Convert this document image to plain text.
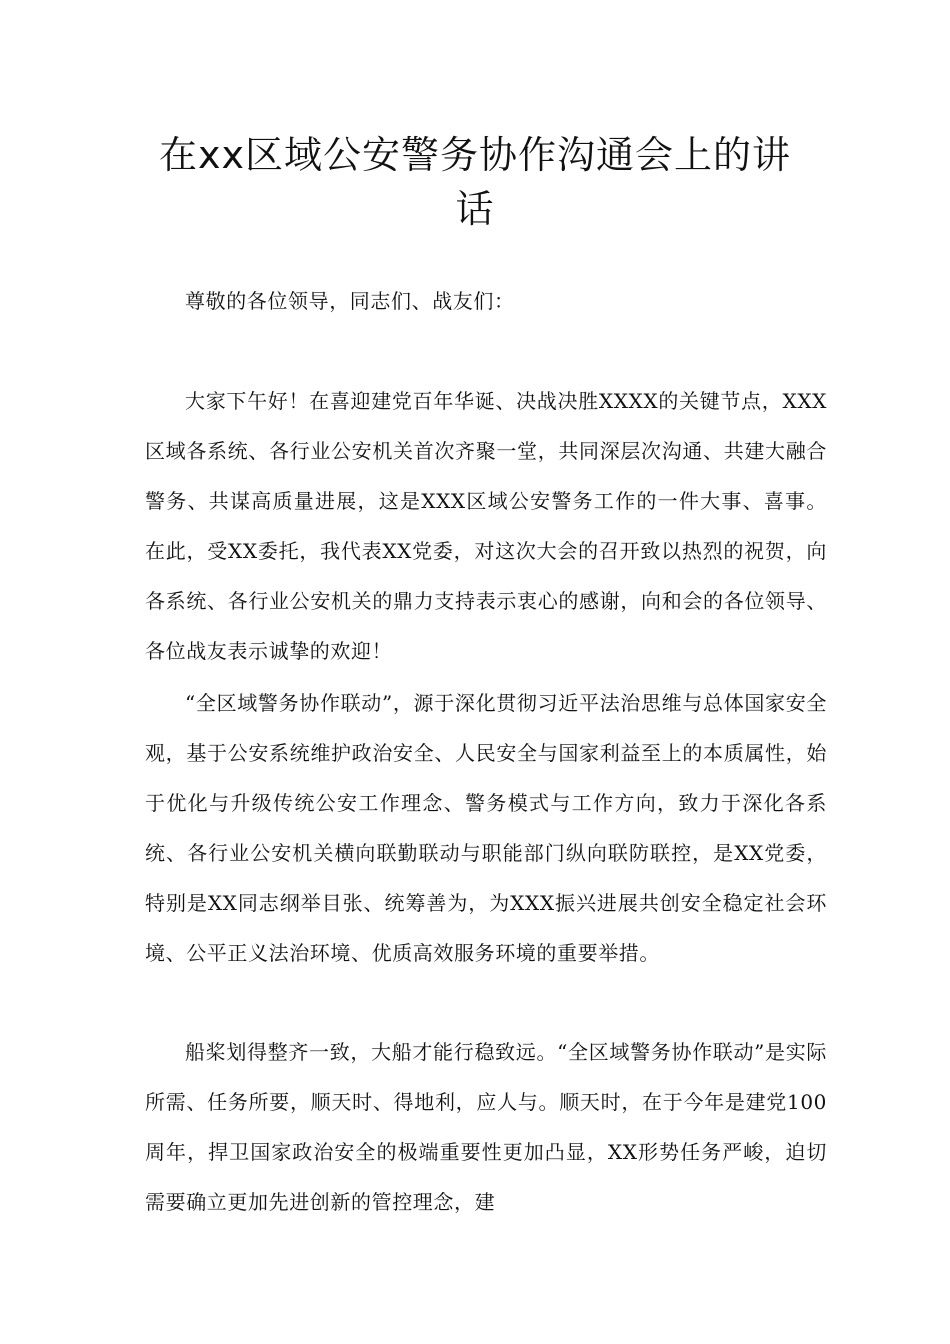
在xx区域公安警务协作沟通会上的讲话

尊敬的各位领导，同志们、战友们：

大家下午好！在喜迎建党百年华诞、决战决胜XXXX的关键节点，XXX区域各系统、各行业公安机关首次齐聚一堂，共同深层次沟通、共建大融合警务、共谋高质量进展，这是XXX区域公安警务工作的一件大事、喜事。在此，受XX委托，我代表XX党委，对这次大会的召开致以热烈的祝贺，向各系统、各行业公安机关的鼎力支持表示衷心的感谢，向和会的各位领导、各位战友表示诚挚的欢迎！

“全区域警务协作联动”，源于深化贯彻习近平法治思维与总体国家安全观，基于公安系统维护政治安全、人民安全与国家利益至上的本质属性，始于优化与升级传统公安工作理念、警务模式与工作方向，致力于深化各系统、各行业公安机关横向联勤联动与职能部门纵向联防联控，是XX党委，特别是XX同志纲举目张、统筹善为，为XXX振兴进展共创安全稳定社会环境、公平正义法治环境、优质高效服务环境的重要举措。

船桨划得整齐一致，大船才能行稳致远。“全区域警务协作联动”是实际所需、任务所要，顺天时、得地利，应人与。顺天时，在于今年是建党100周年，捍卫国家政治安全的极端重要性更加凸显，XX形势任务严峻，迫切需要确立更加先进创新的管控理念，建
